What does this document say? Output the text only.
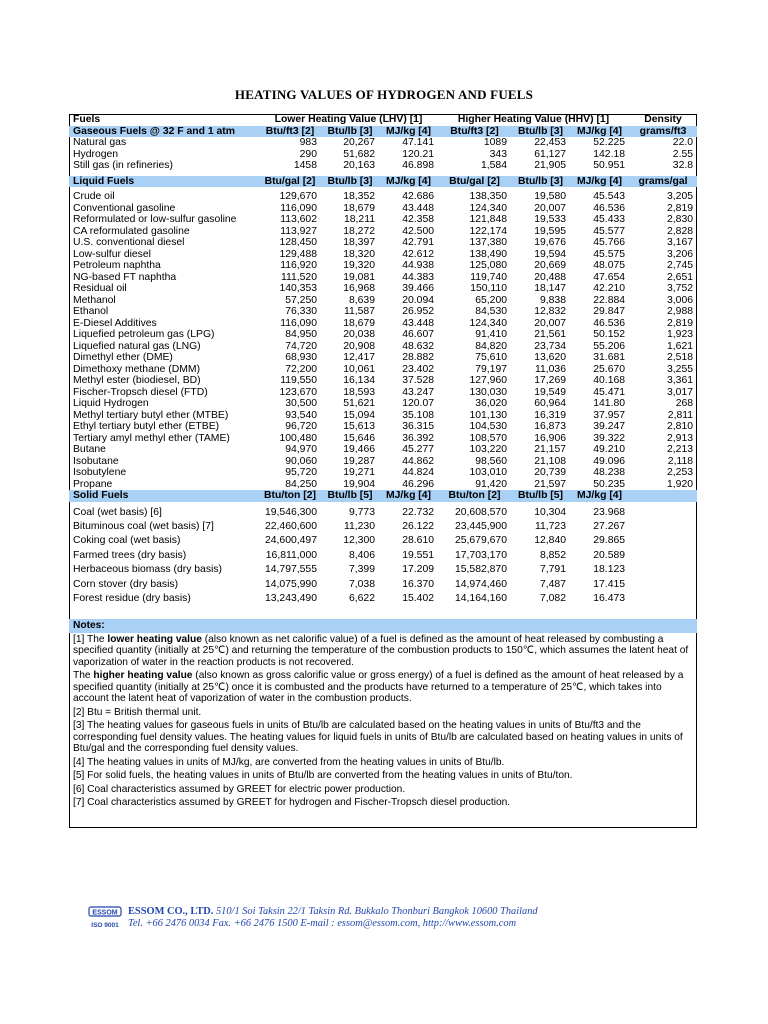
HEATING VALUES OF HYDROGEN AND FUELS
Fuels	Lower Heating Value (LHV) [1]			Higher Heating Value (HHV) [1]			Density
Gaseous Fuels @ 32 F and 1 atm	Btu/ft3 [2]	Btu/lb [3]	MJ/kg [4]	Btu/ft3 [2]	Btu/lb [3]	MJ/kg [4]	grams/ft3
Natural gas	983	20,267	47.141	1089	22,453	52.225	22.0
Hydrogen	290	51,682	120.21	343	61,127	142.18	2.55
Still gas (in refineries)	1458	20,163	46.898	1,584	21,905	50.951	32.8

Liquid Fuels	Btu/gal [2]	Btu/lb [3]	MJ/kg [4]	Btu/gal [2]	Btu/lb [3]	MJ/kg [4]	grams/gal

Crude oil	129,670	18,352	42.686	138,350	19,580	45.543	3,205
Conventional gasoline	116,090	18,679	43.448	124,340	20,007	46.536	2,819
Reformulated or low-sulfur gasoline	113,602	18,211	42.358	121,848	19,533	45.433	2,830
CA reformulated gasoline	113,927	18,272	42.500	122,174	19,595	45.577	2,828
U.S. conventional diesel	128,450	18,397	42.791	137,380	19,676	45.766	3,167
Low-sulfur diesel	129,488	18,320	42.612	138,490	19,594	45.575	3,206
Petroleum naphtha	116,920	19,320	44.938	125,080	20,669	48.075	2,745
NG-based FT naphtha	111,520	19,081	44.383	119,740	20,488	47.654	2,651
Residual oil	140,353	16,968	39.466	150,110	18,147	42.210	3,752
Methanol	57,250	8,639	20.094	65,200	9,838	22.884	3,006
Ethanol	76,330	11,587	26.952	84,530	12,832	29.847	2,988
E-Diesel Additives	116,090	18,679	43.448	124,340	20,007	46.536	2,819
Liquefied petroleum gas (LPG)	84,950	20,038	46.607	91,410	21,561	50.152	1,923
Liquefied natural gas (LNG)	74,720	20,908	48.632	84,820	23,734	55.206	1,621
Dimethyl ether (DME)	68,930	12,417	28.882	75,610	13,620	31.681	2,518
Dimethoxy methane (DMM)	72,200	10,061	23.402	79,197	11,036	25.670	3,255
Methyl ester (biodiesel, BD)	119,550	16,134	37.528	127,960	17,269	40.168	3,361
Fischer-Tropsch diesel (FTD)	123,670	18,593	43.247	130,030	19,549	45.471	3,017
Liquid Hydrogen	30,500	51,621	120.07	36,020	60,964	141.80	268
Methyl tertiary butyl ether (MTBE)	93,540	15,094	35.108	101,130	16,319	37.957	2,811
Ethyl tertiary butyl ether (ETBE)	96,720	15,613	36.315	104,530	16,873	39.247	2,810
Tertiary amyl methyl ether (TAME)	100,480	15,646	36.392	108,570	16,906	39.322	2,913
Butane	94,970	19,466	45.277	103,220	21,157	49.210	2,213
Isobutane	90,060	19,287	44.862	98,560	21,108	49.096	2,118
Isobutylene	95,720	19,271	44.824	103,010	20,739	48.238	2,253
Propane	84,250	19,904	46.296	91,420	21,597	50.235	1,920
Solid Fuels	Btu/ton [2]	Btu/lb [5]	MJ/kg [4]	Btu/ton [2]	Btu/lb [5]	MJ/kg [4]	

Coal (wet basis) [6]	19,546,300	9,773	22.732	20,608,570	10,304	23.968	
Bituminous coal (wet basis) [7]	22,460,600	11,230	26.122	23,445,900	11,723	27.267	
Coking coal (wet basis)	24,600,497	12,300	28.610	25,679,670	12,840	29.865	
Farmed trees (dry basis)	16,811,000	8,406	19.551	17,703,170	8,852	20.589	
Herbaceous biomass (dry basis)	14,797,555	7,399	17.209	15,582,870	7,791	18.123	
Corn stover (dry basis)	14,075,990	7,038	16.370	14,974,460	7,487	17.415	
Forest residue (dry basis)	13,243,490	6,622	15.402	14,164,160	7,082	16.473	
Notes:

[1] The lower heating value (also known as net calorific value) of a fuel is defined as the amount of heat released by combusting a specified quantity (initially at 25℃) and returning the temperature of the combustion products to 150℃, which assumes the latent heat of vaporization of water in the reaction products is not recovered.

The higher heating value (also known as gross calorific value or gross energy) of a fuel is defined as the amount of heat released by a specified quantity (initially at 25℃) once it is combusted and the products have returned to a temperature of 25℃, which takes into account the latent heat of vaporization of water in the combustion products.

[2] Btu = British thermal unit.

[3] The heating values for gaseous fuels in units of Btu/lb are calculated based on the heating values in units of Btu/ft3 and the corresponding fuel density values. The heating values for liquid fuels in units of Btu/lb are calculated based on heating values in units of Btu/gal and the corresponding fuel density values.

[4] The heating values in units of MJ/kg, are converted from the heating values in units of Btu/lb.

[5] For solid fuels, the heating values in units of Btu/lb are converted from the heating values in units of Btu/ton.

[6] Coal characteristics assumed by GREET for electric power production.

[7] Coal characteristics assumed by GREET for hydrogen and Fischer-Tropsch diesel production.

ESSOM
ISO 9001
ESSOM CO., LTD. 510/1 Soi Taksin 22/1 Taksin Rd. Bukkalo Thonburi Bangkok 10600 Thailand
Tel. +66 2476 0034 Fax. +66 2476 1500 E-mail : essom@essom.com, http://www.essom.com
